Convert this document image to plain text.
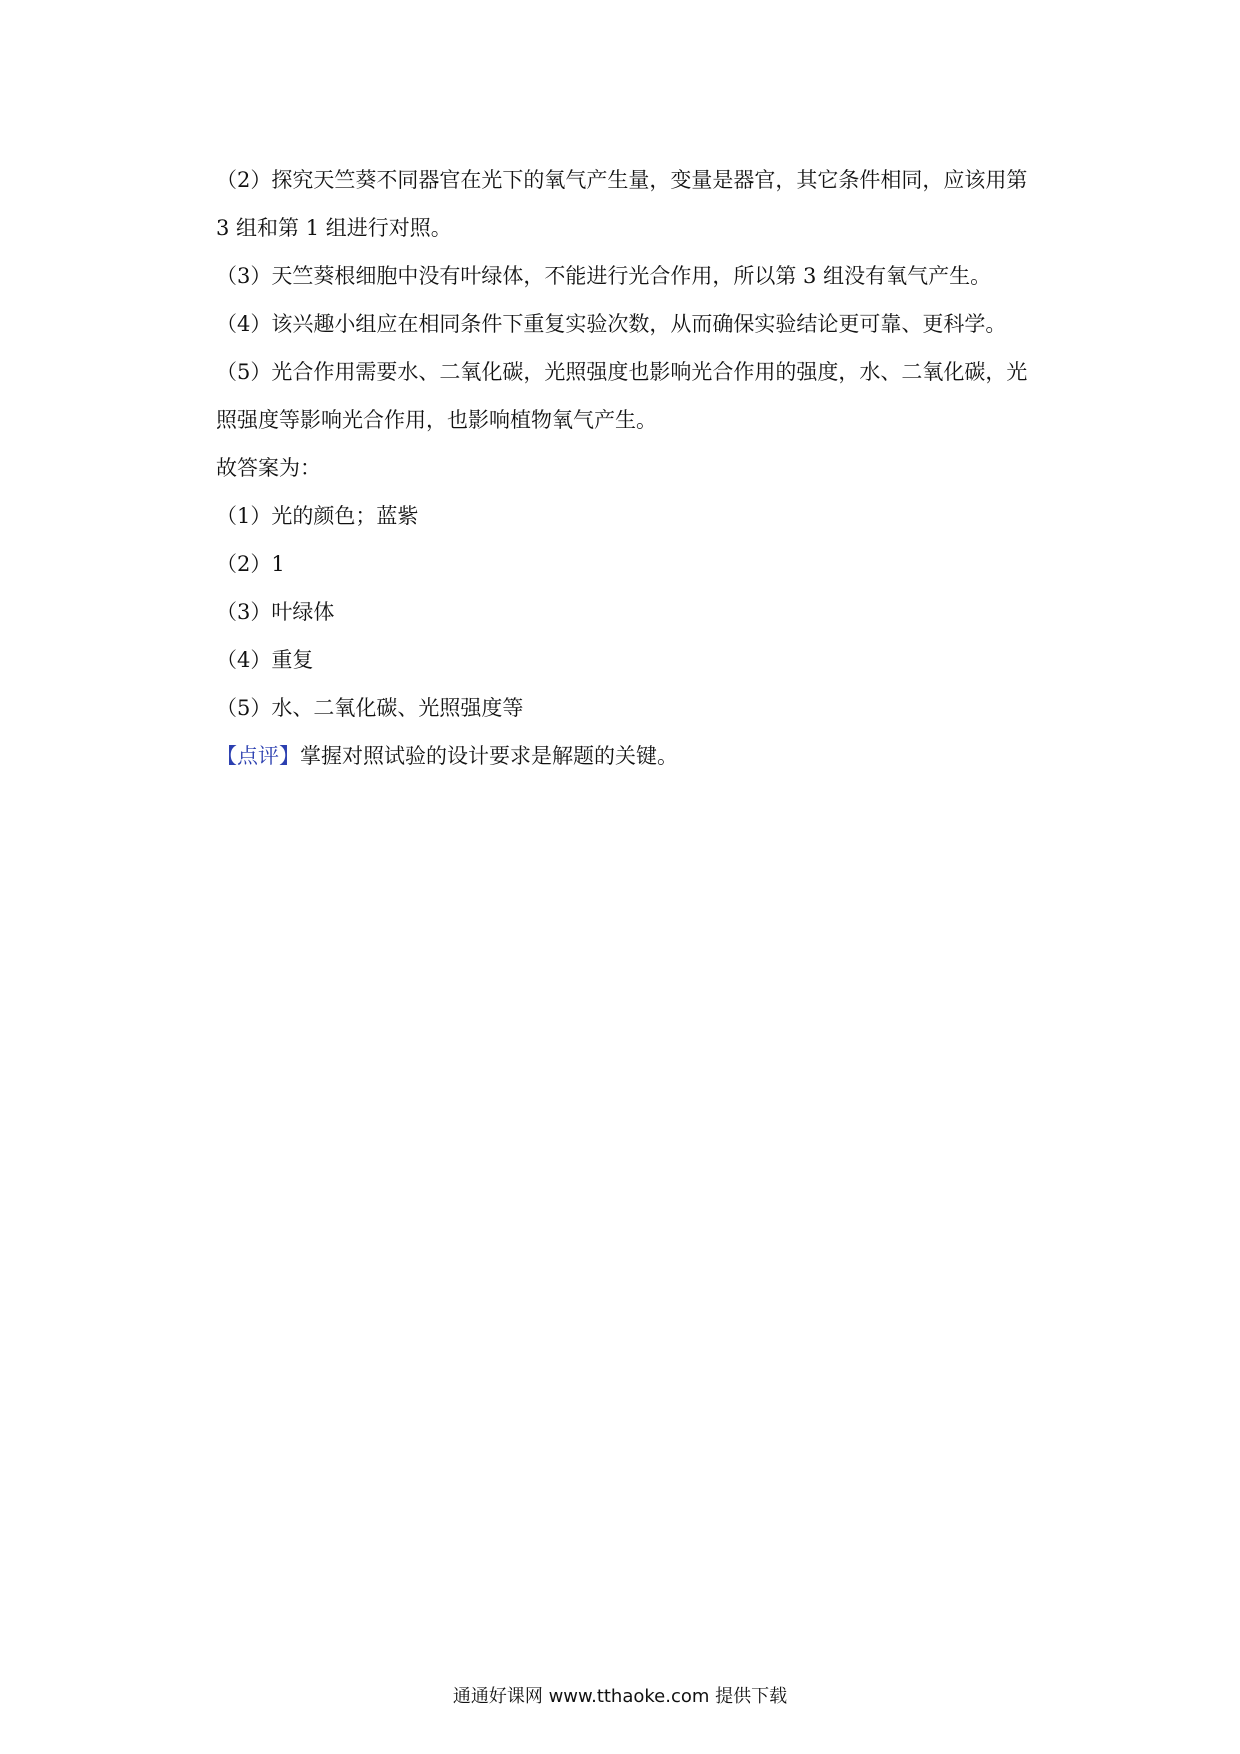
（2）探究天竺葵不同器官在光下的氧气产生量，变量是器官，其它条件相同，应该用第

3 组和第 1 组进行对照。

（3）天竺葵根细胞中没有叶绿体，不能进行光合作用，所以第 3 组没有氧气产生。

（4）该兴趣小组应在相同条件下重复实验次数，从而确保实验结论更可靠、更科学。

（5）光合作用需要水、二氧化碳，光照强度也影响光合作用的强度，水、二氧化碳，光

照强度等影响光合作用，也影响植物氧气产生。

故答案为：

（1）光的颜色；蓝紫

（2）1

（3）叶绿体

（4）重复

（5）水、二氧化碳、光照强度等

【点评】掌握对照试验的设计要求是解题的关键。

通通好课网 www.tthaoke.com 提供下载
